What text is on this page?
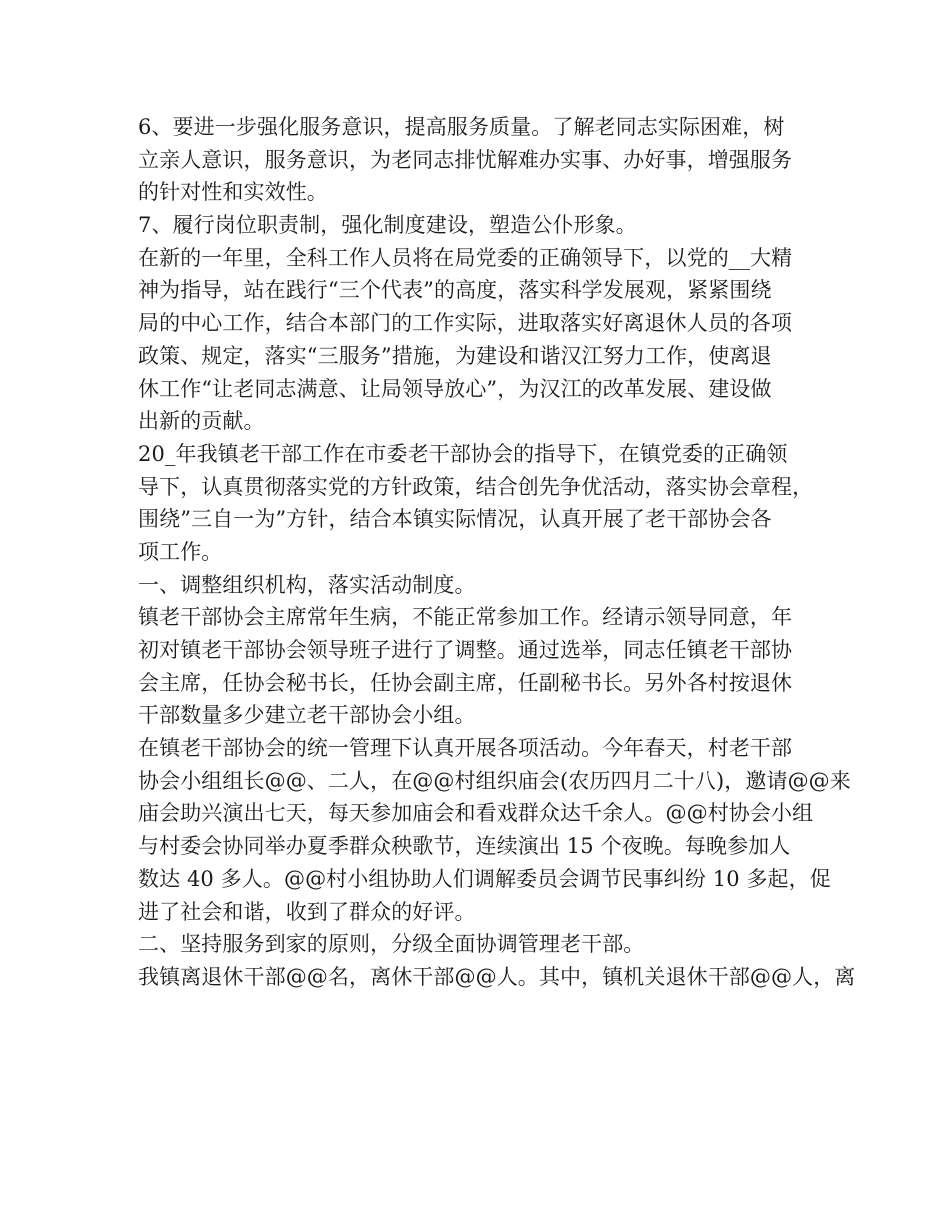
6、要进一步强化服务意识，提高服务质量。了解老同志实际困难，树
立亲人意识，服务意识，为老同志排忧解难办实事、办好事，增强服务
的针对性和实效性。
7、履行岗位职责制，强化制度建设，塑造公仆形象。
在新的一年里，全科工作人员将在局党委的正确领导下，以党的__大精
神为指导，站在践行“三个代表”的高度，落实科学发展观，紧紧围绕
局的中心工作，结合本部门的工作实际，进取落实好离退休人员的各项
政策、规定，落实“三服务”措施，为建设和谐汉江努力工作，使离退
休工作“让老同志满意、让局领导放心”，为汉江的改革发展、建设做
出新的贡献。
20_年我镇老干部工作在市委老干部协会的指导下，在镇党委的正确领
导下，认真贯彻落实党的方针政策，结合创先争优活动，落实协会章程，
围绕”三自一为”方针，结合本镇实际情况，认真开展了老干部协会各
项工作。
一、调整组织机构，落实活动制度。
镇老干部协会主席常年生病，不能正常参加工作。经请示领导同意，年
初对镇老干部协会领导班子进行了调整。通过选举，同志任镇老干部协
会主席，任协会秘书长，任协会副主席，任副秘书长。另外各村按退休
干部数量多少建立老干部协会小组。
在镇老干部协会的统一管理下认真开展各项活动。今年春天，村老干部
协会小组组长@@、二人，在@@村组织庙会(农历四月二十八)，邀请@@来
庙会助兴演出七天，每天参加庙会和看戏群众达千余人。@@村协会小组
与村委会协同举办夏季群众秧歌节，连续演出 15 个夜晚。每晚参加人
数达 40 多人。@@村小组协助人们调解委员会调节民事纠纷 10 多起，促
进了社会和谐，收到了群众的好评。
二、坚持服务到家的原则，分级全面协调管理老干部。
我镇离退休干部@@名，离休干部@@人。其中，镇机关退休干部@@人，离
